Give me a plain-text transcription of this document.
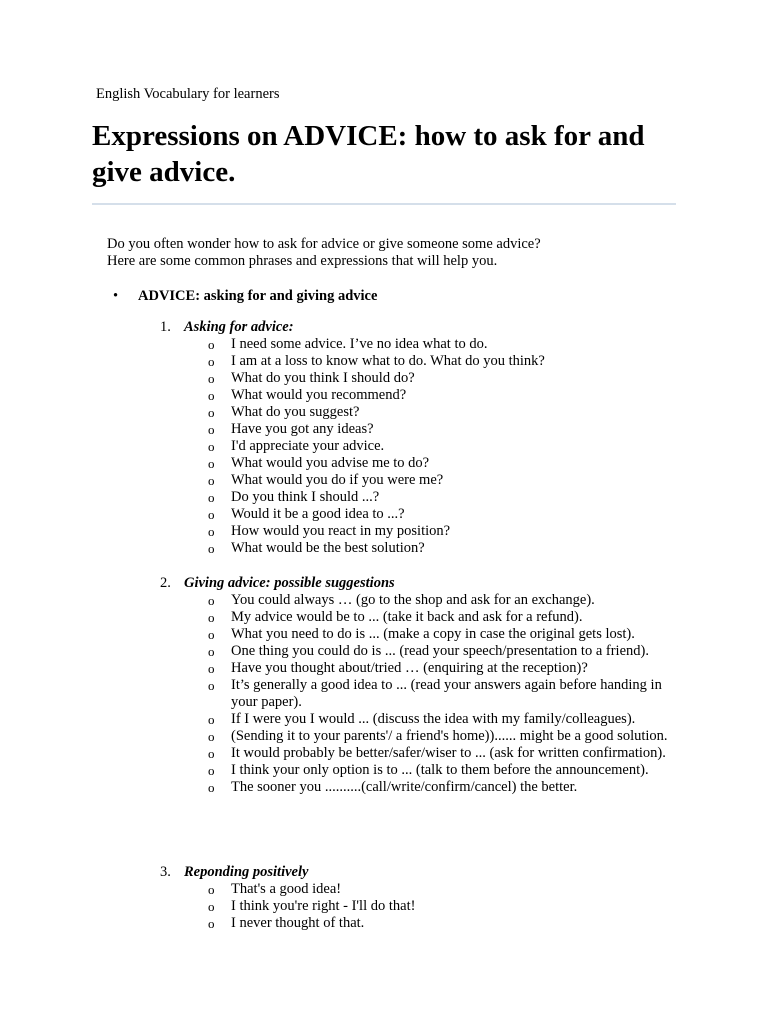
English Vocabulary for learners
Expressions on ADVICE: how to ask for and give advice.
Do you often wonder how to ask for advice or give someone some advice?
Here are some common phrases and expressions that will help you.
• ADVICE: asking for and giving advice
1. Asking for advice:
o I need some advice. I’ve no idea what to do.
o I am at a loss to know what to do. What do you think?
o What do you think I should do?
o What would you recommend?
o What do you suggest?
o Have you got any ideas?
o I'd appreciate your advice.
o What would you advise me to do?
o What would you do if you were me?
o Do you think I should ...?
o Would it be a good idea to ...?
o How would you react in my position?
o What would be the best solution?
2. Giving advice: possible suggestions
o You could always … (go to the shop and ask for an exchange).
o My advice would be to ... (take it back and ask for a refund).
o What you need to do is ... (make a copy in case the original gets lost).
o One thing you could do is ... (read your speech/presentation to a friend).
o Have you thought about/tried … (enquiring at the reception)?
o It’s generally a good idea to ... (read your answers again before handing in your paper).
o If I were you I would ... (discuss the idea with my family/colleagues).
o (Sending it to your parents'/ a friend's home))...... might be a good solution.
o It would probably be better/safer/wiser to ... (ask for written confirmation).
o I think your only option is to ... (talk to them before the announcement).
o The sooner you ..........(call/write/confirm/cancel) the better.
3. Reponding positively
o That's a good idea!
o I think you're right - I'll do that!
o I never thought of that.
